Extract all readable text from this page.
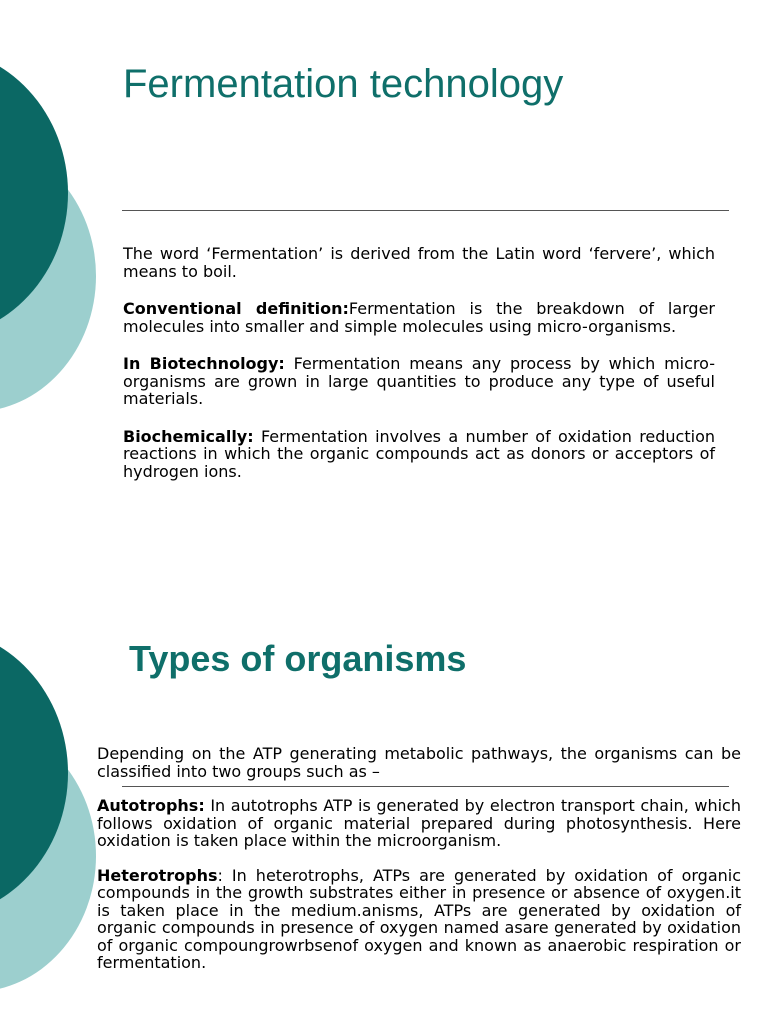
Fermentation technology

The word ‘Fermentation’ is derived from the Latin word ‘fervere’, which means to boil.

Conventional definition:Fermentation is the breakdown of larger molecules into smaller and simple molecules using micro-organisms.

In Biotechnology: Fermentation means any process by which micro-organisms are grown in large quantities to produce any type of useful materials.

Biochemically: Fermentation involves a number of oxidation reduction reactions in which the organic compounds act as donors or acceptors of hydrogen ions.

Types of organisms

Depending on the ATP generating metabolic pathways, the organisms can be classified into two groups such as –

Autotrophs: In autotrophs ATP is generated by electron transport chain, which follows oxidation of organic material prepared during photosynthesis. Here oxidation is taken place within the microorganism.

Heterotrophs: In heterotrophs, ATPs are generated by oxidation of organic compounds in the growth substrates either in presence or absence of oxygen.it is taken place in the medium.anisms, ATPs are generated by oxidation of organic compounds in presence of oxygen named asare generated by oxidation of organic compoungrowrbsenof oxygen and known as anaerobic respiration or fermentation.
